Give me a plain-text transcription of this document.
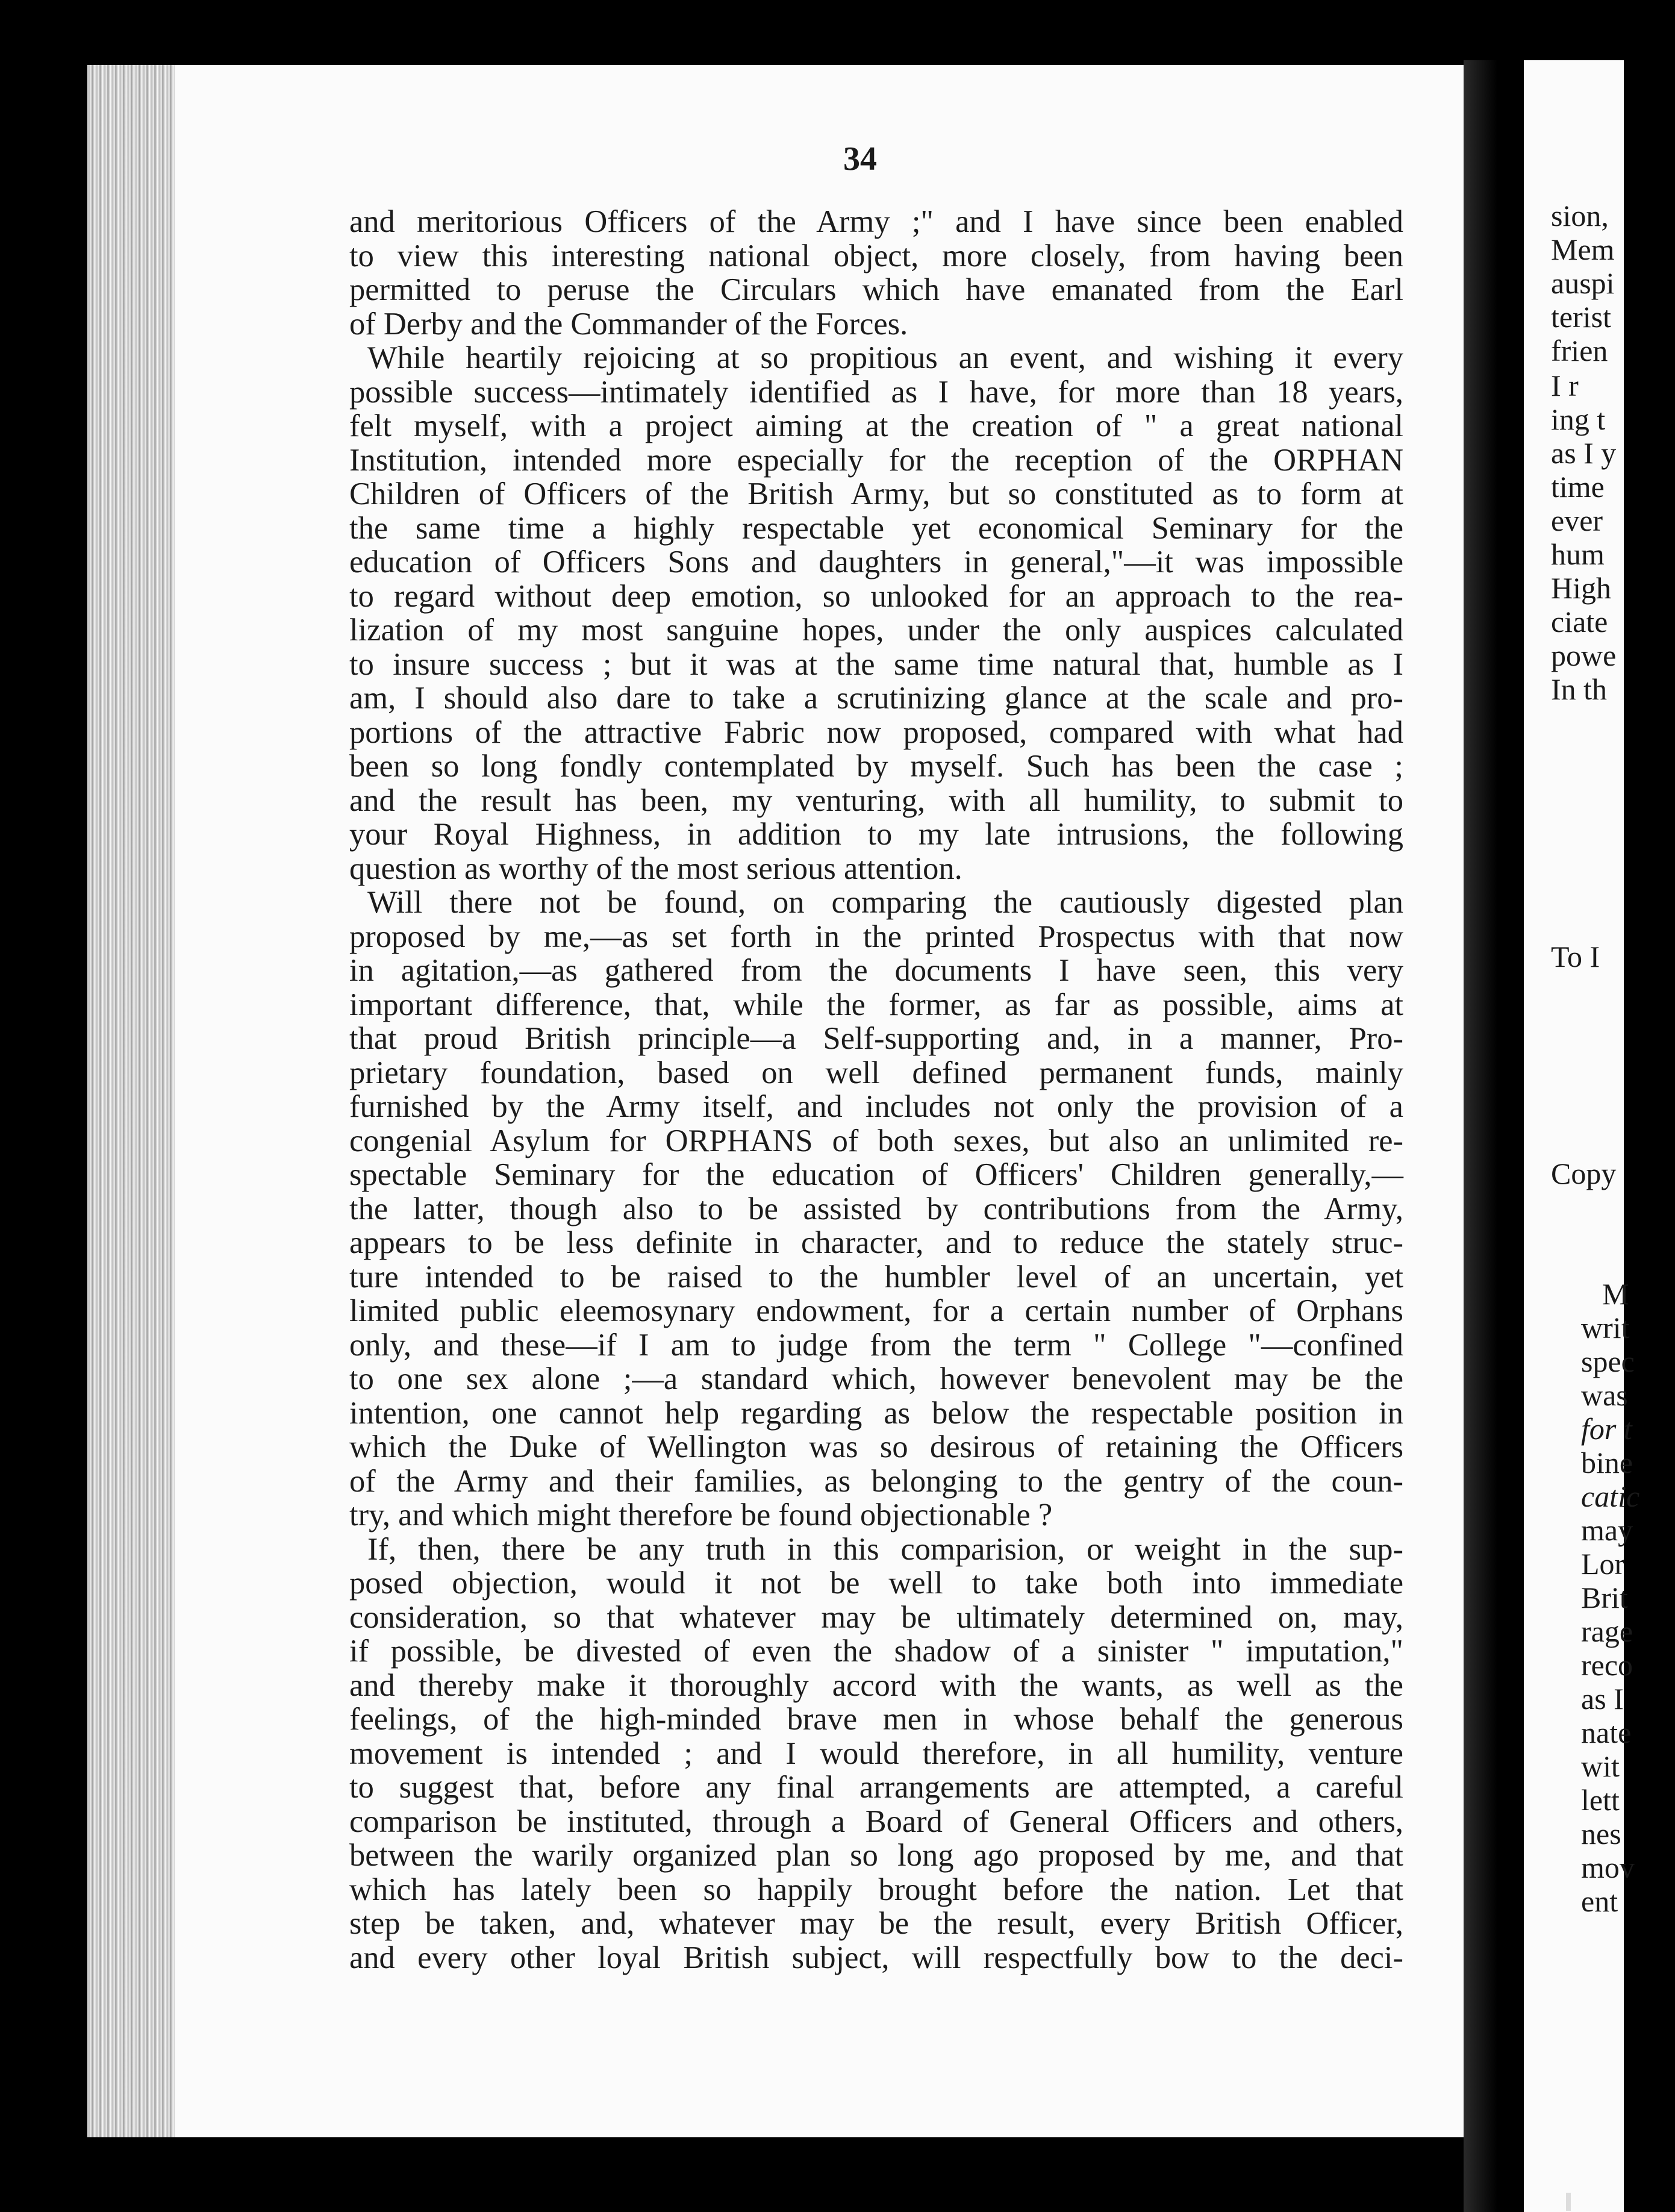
34
and meritorious Officers of the Army ;" and I have since been enabled
to view this interesting national object, more closely, from having been
permitted to peruse the Circulars which have emanated from the Earl
of Derby and the Commander of the Forces.
While heartily rejoicing at so propitious an event, and wishing it every
possible success—intimately identified as I have, for more than 18 years,
felt myself, with a project aiming at the creation of " a great national
Institution, intended more especially for the reception of the ORPHAN
Children of Officers of the British Army, but so constituted as to form at
the same time a highly respectable yet economical Seminary for the
education of Officers Sons and daughters in general,"—it was impossible
to regard without deep emotion, so unlooked for an approach to the rea-
lization of my most sanguine hopes, under the only auspices calculated
to insure success ; but it was at the same time natural that, humble as I
am, I should also dare to take a scrutinizing glance at the scale and pro-
portions of the attractive Fabric now proposed, compared with what had
been so long fondly contemplated by myself. Such has been the case ;
and the result has been, my venturing, with all humility, to submit to
your Royal Highness, in addition to my late intrusions, the following
question as worthy of the most serious attention.
Will there not be found, on comparing the cautiously digested plan
proposed by me,—as set forth in the printed Prospectus with that now
in agitation,—as gathered from the documents I have seen, this very
important difference, that, while the former, as far as possible, aims at
that proud British principle—a Self-supporting and, in a manner, Pro-
prietary foundation, based on well defined permanent funds, mainly
furnished by the Army itself, and includes not only the provision of a
congenial Asylum for ORPHANS of both sexes, but also an unlimited re-
spectable Seminary for the education of Officers' Children generally,—
the latter, though also to be assisted by contributions from the Army,
appears to be less definite in character, and to reduce the stately struc-
ture intended to be raised to the humbler level of an uncertain, yet
limited public eleemosynary endowment, for a certain number of Orphans
only, and these—if I am to judge from the term " College "—confined
to one sex alone ;—a standard which, however benevolent may be the
intention, one cannot help regarding as below the respectable position in
which the Duke of Wellington was so desirous of retaining the Officers
of the Army and their families, as belonging to the gentry of the coun-
try, and which might therefore be found objectionable ?
If, then, there be any truth in this comparision, or weight in the sup-
posed objection, would it not be well to take both into immediate
consideration, so that whatever may be ultimately determined on, may,
if possible, be divested of even the shadow of a sinister " imputation,"
and thereby make it thoroughly accord with the wants, as well as the
feelings, of the high-minded brave men in whose behalf the generous
movement is intended ; and I would therefore, in all humility, venture
to suggest that, before any final arrangements are attempted, a careful
comparison be instituted, through a Board of General Officers and others,
between the warily organized plan so long ago proposed by me, and that
which has lately been so happily brought before the nation. Let that
step be taken, and, whatever may be the result, every British Officer,
and every other loyal British subject, will respectfully bow to the deci-
sion,
Mem
auspi
terist
frien
I r
ing t
as I y
time
ever
hum
High
ciate
powe
In th
To I
Copy
M
writ
spec
was
for t
bine
catic
may
Lor
Brit
rage
reco
as I
nate
wit
lett
nes
mov
ent
